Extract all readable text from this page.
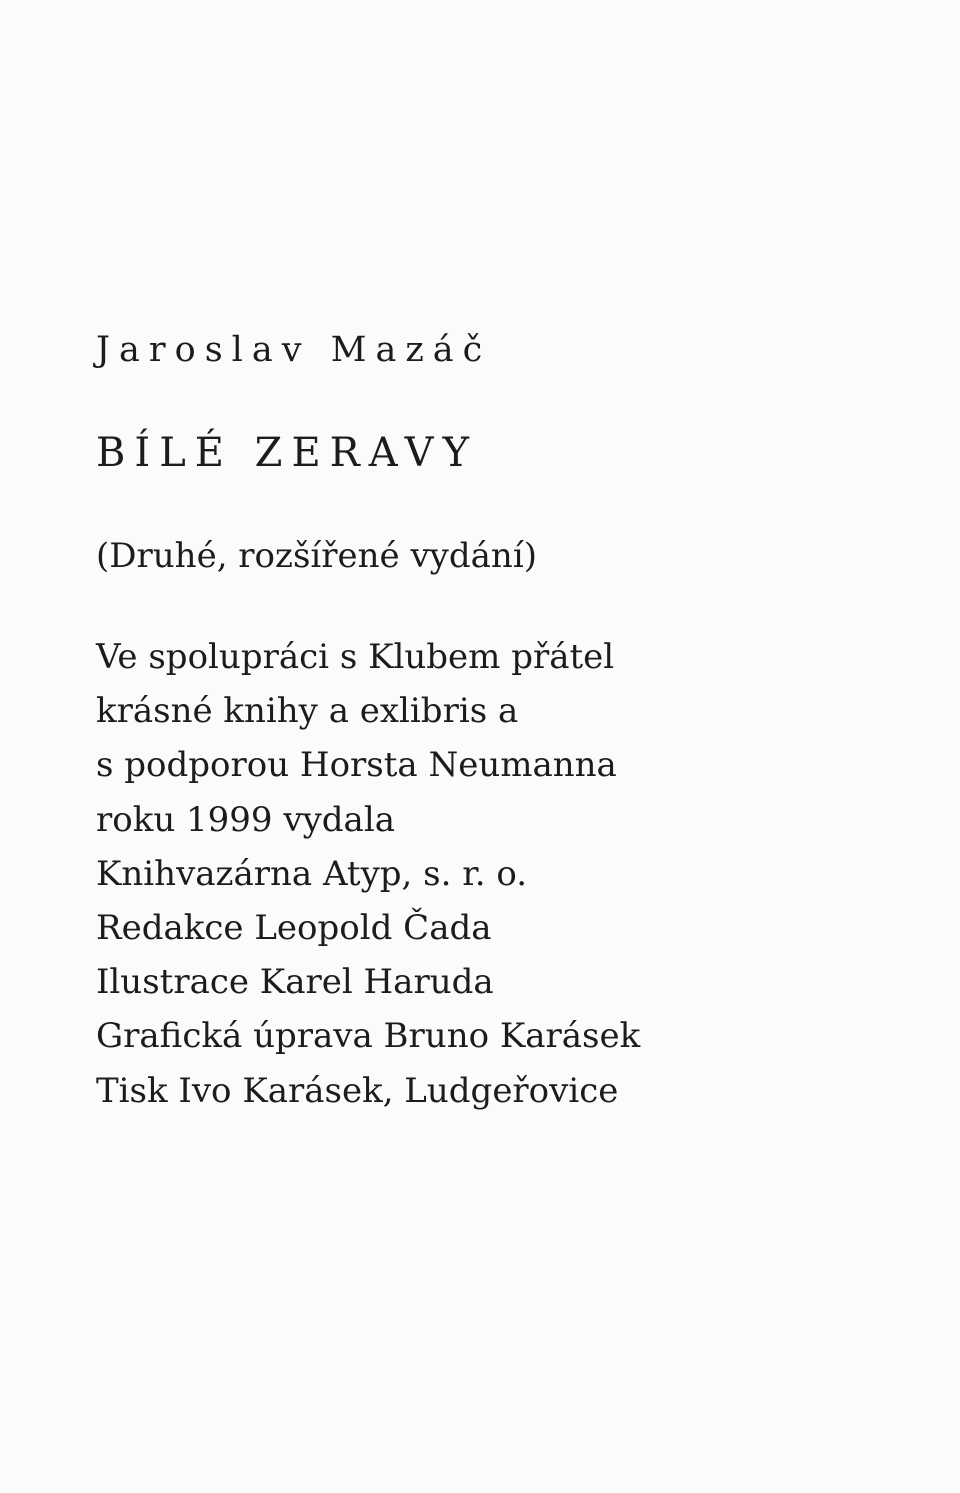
Jaroslav Mazáč
BÍLÉ ZERAVY
(Druhé, rozšířené vydání)
Ve spolupráci s Klubem přátel
krásné knihy a exlibris a
s podporou Horsta Neumanna
roku 1999 vydala
Knihvazárna Atyp, s. r. o.
Redakce Leopold Čada
Ilustrace Karel Haruda
Grafická úprava Bruno Karásek
Tisk Ivo Karásek, Ludgeřovice
